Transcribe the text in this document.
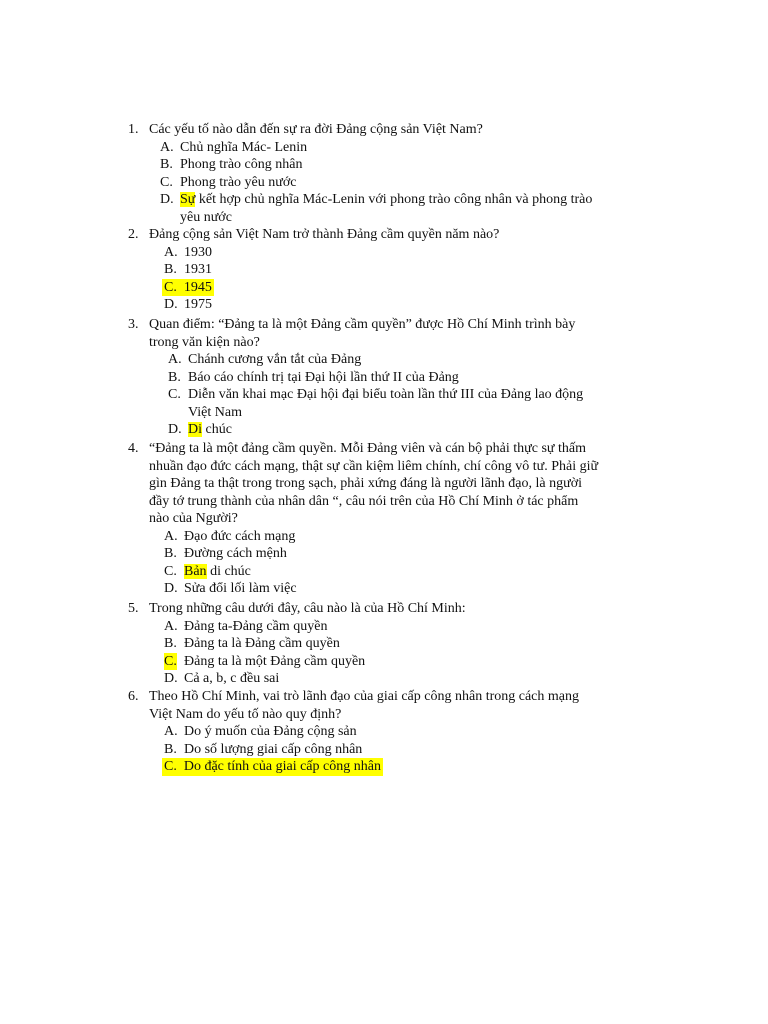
1. Các yếu tố nào dẫn đến sự ra đời Đảng cộng sản Việt Nam?
A. Chủ nghĩa Mác- Lenin
B. Phong trào công nhân
C. Phong trào yêu nước
D. Sự kết hợp chủ nghĩa Mác-Lenin với phong trào công nhân và phong trào
yêu nước
2. Đảng cộng sản Việt Nam trở thành Đảng cầm quyền năm nào?
A. 1930
B. 1931
C. 1945
D. 1975
3. Quan điểm: “Đảng ta là một Đảng cầm quyền” được Hồ Chí Minh trình bày
trong văn kiện nào?
A. Chánh cương vắn tắt của Đảng
B. Báo cáo chính trị tại Đại hội lần thứ II của Đảng
C. Diễn văn khai mạc Đại hội đại biểu toàn lần thứ III của Đảng lao động
Việt Nam
D. Di chúc
4. “Đảng ta là một đảng cầm quyền. Mỗi Đảng viên và cán bộ phải thực sự thấm
nhuần đạo đức cách mạng, thật sự cần kiệm liêm chính, chí công vô tư. Phải giữ
gìn Đảng ta thật trong trong sạch, phải xứng đáng là người lãnh đạo, là người
đầy tớ trung thành của nhân dân “, câu nói trên của Hồ Chí Minh ở tác phẩm
nào của Người?
A. Đạo đức cách mạng
B. Đường cách mệnh
C. Bản di chúc
D. Sửa đổi lối làm việc
5. Trong những câu dưới đây, câu nào là của Hồ Chí Minh:
A. Đảng ta-Đảng cầm quyền
B. Đảng ta là Đảng cầm quyền
C. Đảng ta là một Đảng cầm quyền
D. Cả a, b, c đều sai
6. Theo Hồ Chí Minh, vai trò lãnh đạo của giai cấp công nhân trong cách mạng
Việt Nam do yếu tố nào quy định?
A. Do ý muốn của Đảng cộng sản
B. Do số lượng giai cấp công nhân
C. Do đặc tính của giai cấp công nhân
